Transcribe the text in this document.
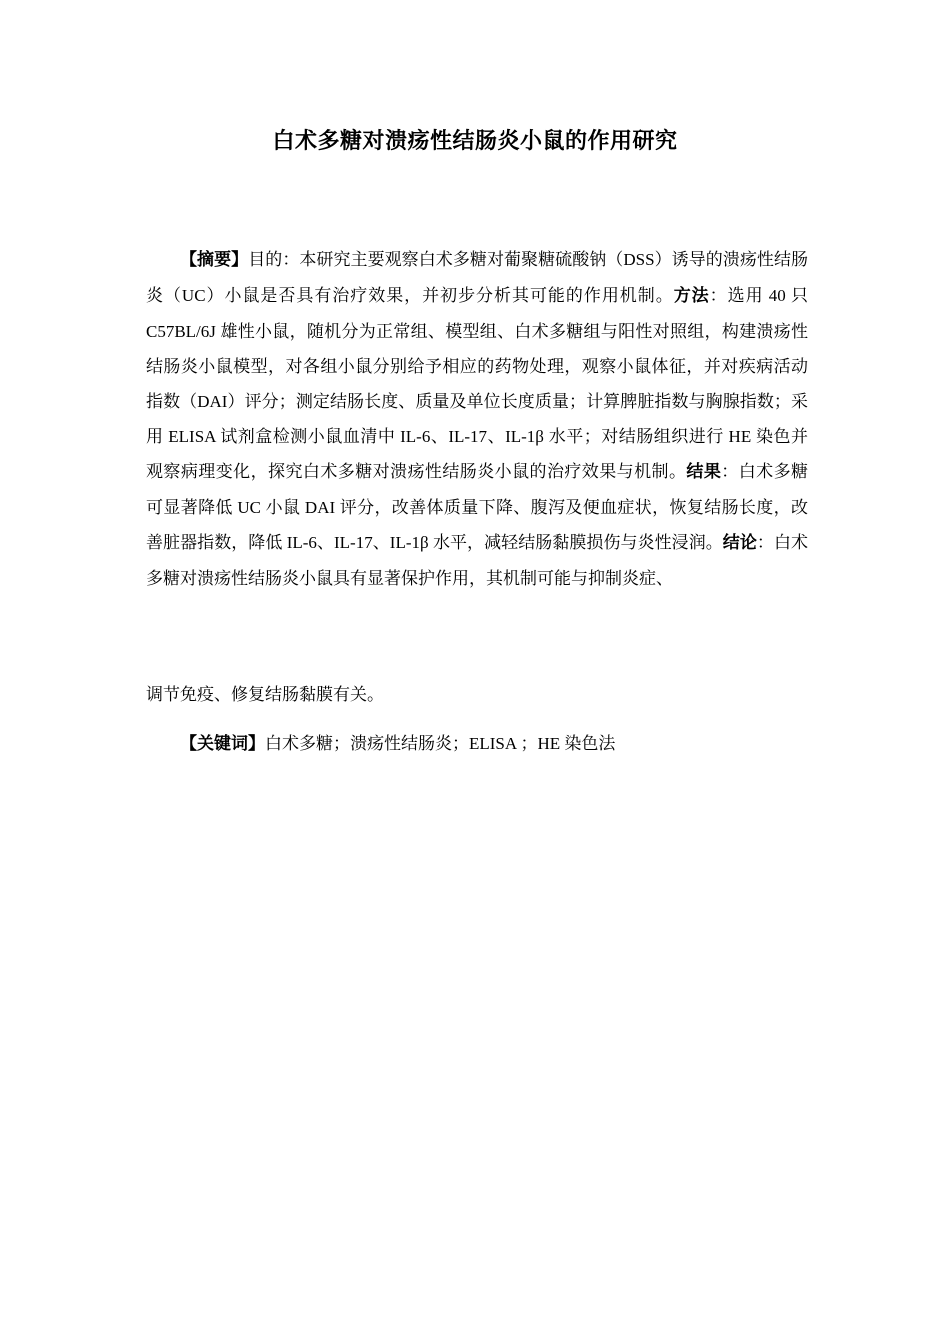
白术多糖对溃疡性结肠炎小鼠的作用研究

【摘要】目的：本研究主要观察白术多糖对葡聚糖硫酸钠（DSS）诱导的溃疡性结肠炎（UC）小鼠是否具有治疗效果，并初步分析其可能的作用机制。方法：选用 40 只 C57BL/6J 雄性小鼠，随机分为正常组、模型组、白术多糖组与阳性对照组，构建溃疡性结肠炎小鼠模型，对各组小鼠分别给予相应的药物处理，观察小鼠体征，并对疾病活动指数（DAI）评分；测定结肠长度、质量及单位长度质量；计算脾脏指数与胸腺指数；采用 ELISA 试剂盒检测小鼠血清中 IL-6、IL-17、IL-1β 水平；对结肠组织进行 HE 染色并观察病理变化，探究白术多糖对溃疡性结肠炎小鼠的治疗效果与机制。结果：白术多糖可显著降低 UC 小鼠 DAI 评分，改善体质量下降、腹泻及便血症状，恢复结肠长度，改善脏器指数，降低 IL-6、IL-17、IL-1β 水平，减轻结肠黏膜损伤与炎性浸润。结论：白术多糖对溃疡性结肠炎小鼠具有显著保护作用，其机制可能与抑制炎症、

调节免疫、修复结肠黏膜有关。
【关键词】白术多糖；溃疡性结肠炎；ELISA ；HE 染色法
